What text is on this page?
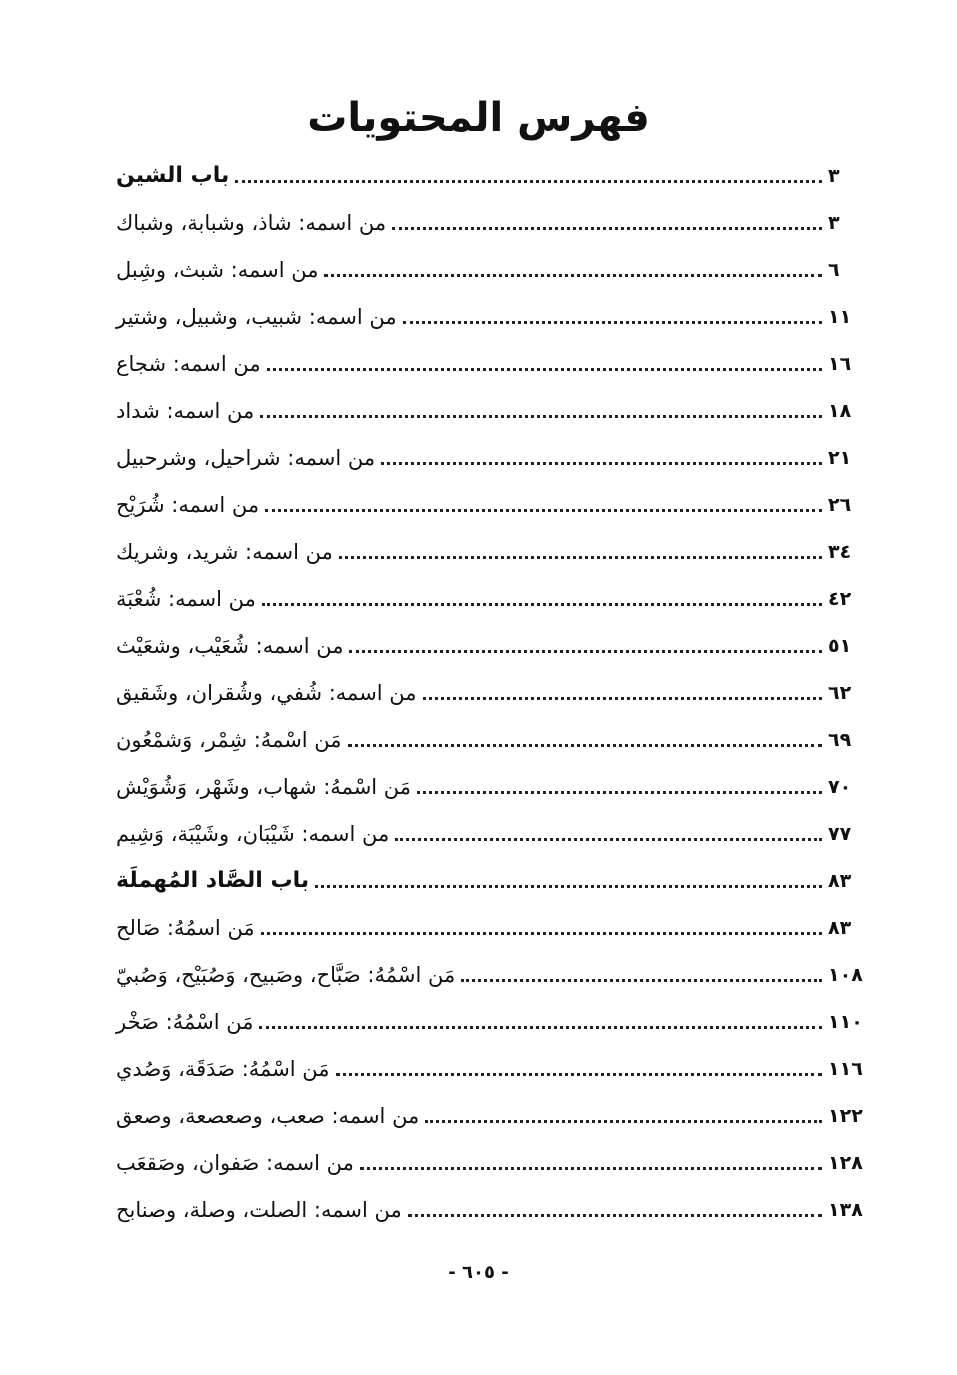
فهرس المحتويات
باب الشين	٣
من اسمه: شاذ، وشبابة، وشباك	٣
من اسمه: شبث، وشِبل	٦
من اسمه: شبيب، وشبيل، وشتير	١١
من اسمه: شجاع	١٦
من اسمه: شداد	١٨
من اسمه: شراحيل، وشرحبيل	٢١
من اسمه: شُرَيْح	٢٦
من اسمه: شريد، وشريك	٣٤
من اسمه: شُعْبَة	٤٢
من اسمه: شُعَيْب، وشعَيْث	٥١
من اسمه: شُفي، وشُقران، وشَقيق	٦٢
مَن اسْمهُ: شِمْر، وَشمْعُون	٦٩
مَن اسْمهُ: شهاب، وشَهْر، وَشُوَيْش	٧٠
من اسمه: شَيْبَان، وشَيْبَة، وَشِيم	٧٧
باب الصَّاد المُهملَة	٨٣
مَن اسمُهُ: صَالح	٨٣
مَن اسْمُهُ: صَبَّاح، وصَبيح، وَصُبَيْح، وَصُبيّ	١٠٨
مَن اسْمُهُ: صَخْر	١١٠
مَن اسْمُهُ: صَدَقَة، وَصُدي	١١٦
من اسمه: صعب، وصعصعة، وصعق	١٢٢
من اسمه: صَفوان، وصَقعَب	١٢٨
من اسمه: الصلت، وصلة، وصنابح	١٣٨
- ٦٠٥ -
